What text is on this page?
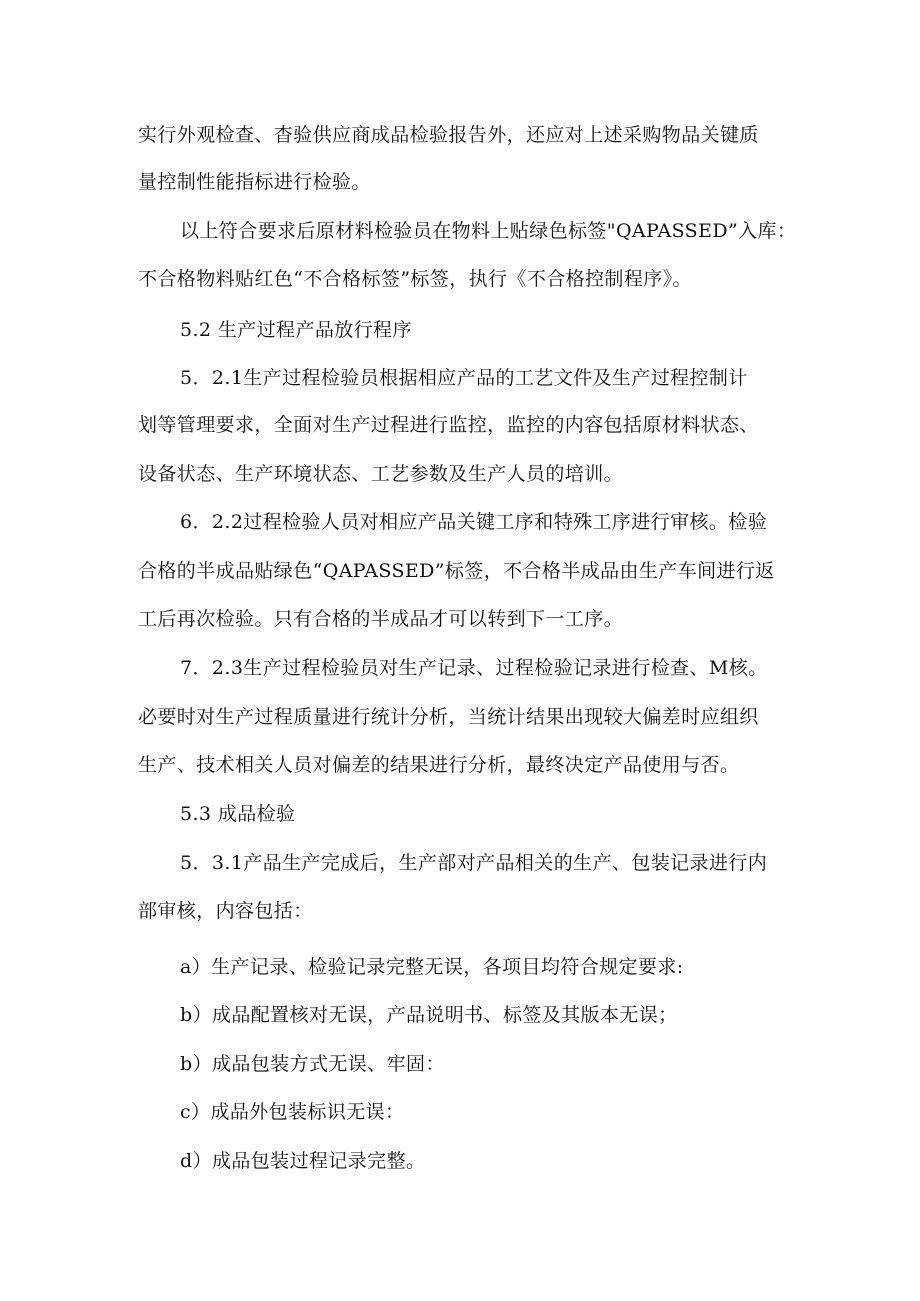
实行外观检查、杳验供应商成品检验报告外，还应对上述采购物品关键质
量控制性能指标进行检验。
以上符合要求后原材料检验员在物料上贴绿色标签"QAPASSED”入库：
不合格物料贴红色“不合格标签”标签，执行《不合格控制程序》。
5.2 生产过程产品放行程序
5．2.1生产过程检验员根据相应产品的工艺文件及生产过程控制计
划等管理要求，全面对生产过程进行监控，监控的内容包括原材料状态、
设备状态、生产环境状态、工艺参数及生产人员的培训。
6．2.2过程检验人员对相应产品关键工序和特殊工序进行审核。检验
合格的半成品贴绿色“QAPASSED”标签，不合格半成品由生产车间进行返
工后再次检验。只有合格的半成品才可以转到下一工序。
7．2.3生产过程检验员对生产记录、过程检验记录进行检查、M核。
必要时对生产过程质量进行统计分析，当统计结果出现较大偏差时应组织
生产、技术相关人员对偏差的结果进行分析，最终决定产品使用与否。
5.3 成品检验
5．3.1产品生产完成后，生产部对产品相关的生产、包装记录进行内
部审核，内容包括：
a）生产记录、检验记录完整无误，各项目均符合规定要求:
b）成品配置核对无误，产品说明书、标签及其版本无误；
b）成品包装方式无误、牢固：
c）成品外包装标识无误：
d）成品包装过程记录完整。
